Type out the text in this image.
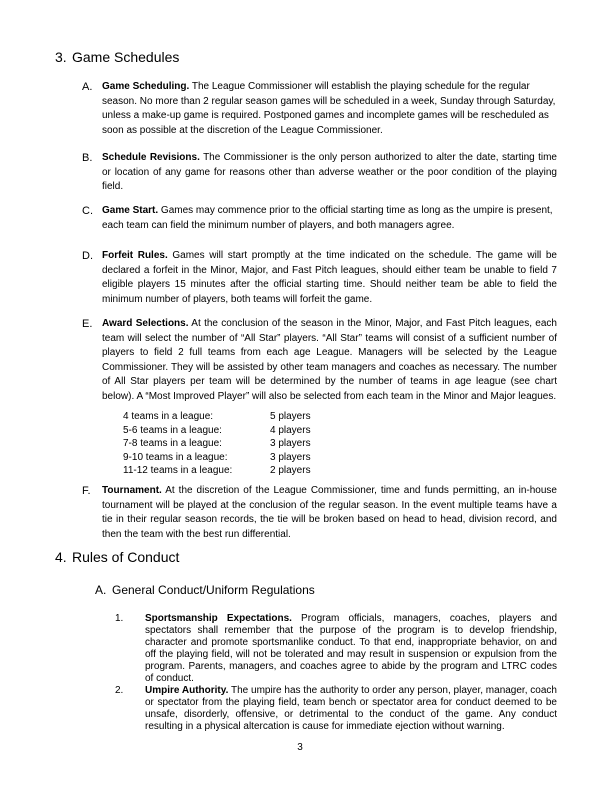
3. Game Schedules
A. Game Scheduling. The League Commissioner will establish the playing schedule for the regular season. No more than 2 regular season games will be scheduled in a week, Sunday through Saturday, unless a make-up game is required. Postponed games and incomplete games will be rescheduled as soon as possible at the discretion of the League Commissioner.

B. Schedule Revisions. The Commissioner is the only person authorized to alter the date, starting time or location of any game for reasons other than adverse weather or the poor condition of the playing field.

C. Game Start. Games may commence prior to the official starting time as long as the umpire is present, each team can field the minimum number of players, and both managers agree.

D. Forfeit Rules. Games will start promptly at the time indicated on the schedule. The game will be declared a forfeit in the Minor, Major, and Fast Pitch leagues, should either team be unable to field 7 eligible players 15 minutes after the official starting time. Should neither team be able to field the minimum number of players, both teams will forfeit the game.

E. Award Selections. At the conclusion of the season in the Minor, Major, and Fast Pitch leagues, each team will select the number of “All Star” players. “All Star” teams will consist of a sufficient number of players to field 2 full teams from each age League. Managers will be selected by the League Commissioner. They will be assisted by other team managers and coaches as necessary. The number of All Star players per team will be determined by the number of teams in age league (see chart below). A “Most Improved Player” will also be selected from each team in the Minor and Major leagues.

4 teams in a league:	5 players
5-6 teams in a league:	4 players
7-8 teams in a league:	3 players
9-10 teams in a league:	3 players
11-12 teams in a league:	2 players
F.	Tournament. At the discretion of the League Commissioner, time and funds permitting, an in-house tournament will be played at the conclusion of the regular season. In the event multiple teams have a tie in their regular season records, the tie will be broken based on head to head, division record, and then the team with the best run differential.

4. Rules of Conduct
A. General Conduct/Uniform Regulations
1.	Sportsmanship Expectations. Program officials, managers, coaches, players and spectators shall remember that the purpose of the program is to develop friendship, character and promote sportsmanlike conduct. To that end, inappropriate behavior, on and off the playing field, will not be tolerated and may result in suspension or expulsion from the program. Parents, managers, and coaches agree to abide by the program and LTRC codes of conduct.

2.	Umpire Authority. The umpire has the authority to order any person, player, manager, coach or spectator from the playing field, team bench or spectator area for conduct deemed to be unsafe, disorderly, offensive, or detrimental to the conduct of the game. Any conduct resulting in a physical altercation is cause for immediate ejection without warning.

3
